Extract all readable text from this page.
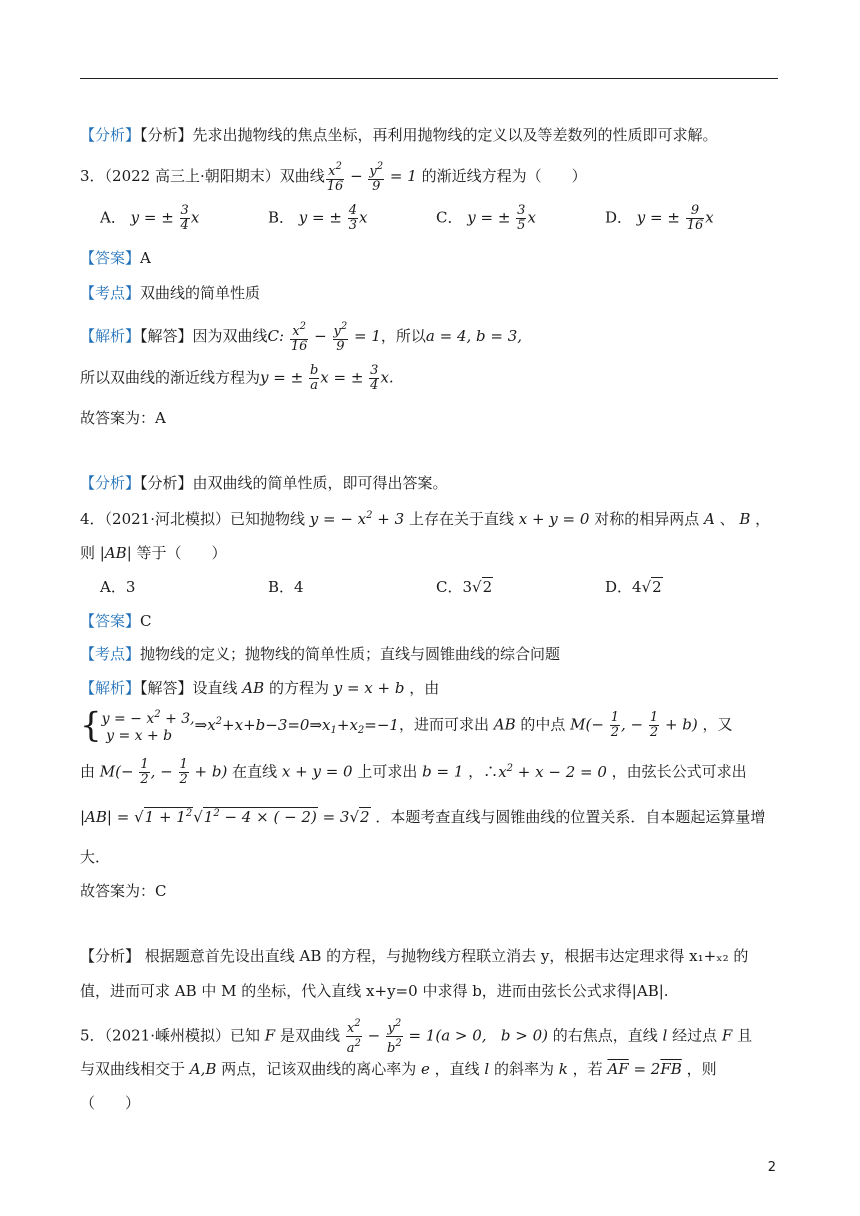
【分析】【分析】先求出抛物线的焦点坐标，再利用抛物线的定义以及等差数列的性质即可求解。
3．（2022 高三上·朝阳期末）双曲线 $\frac{x^2}{16} - \frac{y^2}{9} = 1$ 的渐近线方程为（　　）
A． y = ± $\frac{3}{4}$ x	B． y = ± $\frac{4}{3}$ x	C． y = ± $\frac{3}{5}$ x	D． y = ± $\frac{9}{16}$ x
【答案】A
【考点】双曲线的简单性质
【解析】【解答】因为双曲线C: $\frac{x^2}{16} - \frac{y^2}{9} = 1$，所以a = 4, b = 3,
所以双曲线的渐近线方程为y = ± $\frac{b}{a}$ x = ± $\frac{3}{4} x$.
故答案为：A
【分析】【分析】由双曲线的简单性质，即可得出答案。
4．（2021·河北模拟）已知抛物线 y = − $x^2 + 3$ 上存在关于直线 x + y = 0 对称的相异两点 A 、 B ，
则 |AB| 等于（　　）
A．3	B．4	C．3√2	D．4√2
【答案】C
【考点】抛物线的定义；抛物线的简单性质；直线与圆锥曲线的综合问题
【解析】【解答】设直线 AB 的方程为 y = x + b ，由
{y = − $x^2 + 3$,
$y = x + b\Rightarrow x^2+x+b-3=0\Rightarrow x_1+x_2=-1$，进而可求出 AB 的中点 $M(- \frac{1}{2}$ , − $\frac{1}{2} + b$) ，又
由 $M(- \frac{1}{2}$ , − $\frac{1}{2} + b$) 在直线 x + y = 0 上可求出 b = 1 ，$\therefore x^2 + x - 2 = 0$ ，由弦长公式可求出
$|AB| = √1 + 1^2√1^2 - 4$ × ( − 2) = 3√2 ．本题考查直线与圆锥曲线的位置关系．自本题起运算量增
大．
故答案为：C
【分析】 根据题意首先设出直线 AB 的方程，与抛物线方程联立消去 y，根据韦达定理求得 x₁+ₓ₂ 的
值，进而可求 AB 中 M 的坐标，代入直线 x+y=0 中求得 b，进而由弦长公式求得|AB|.
5．（2021·嵊州模拟）已知 F 是双曲线 $\frac{x^2}{a^2} - \frac{y^2}{b^2} = 1(a > 0$,   b > 0) 的右焦点，直线 l 经过点 F 且
与双曲线相交于 A,B 两点，记该双曲线的离心率为 e ，直线 l 的斜率为 k ，若 $\overline{AF} = 2\overline{FB}$ ，则
（　　）
2
